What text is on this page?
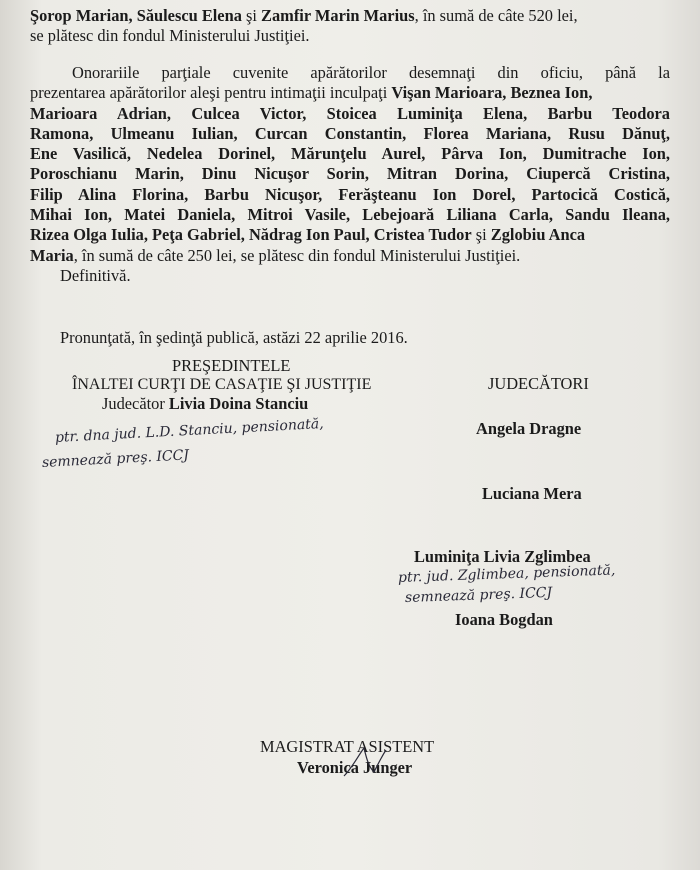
Şorop Marian, Săulescu Elena şi Zamfir Marin Marius, în sumă de câte 520 lei,
se plătesc din fondul Ministerului Justiţiei.
Onorariile parţiale cuvenite apărătorilor desemnaţi din oficiu, până la
prezentarea apărătorilor aleşi pentru intimaţii inculpaţi Vişan Marioara, Beznea Ion,
Marioara Adrian, Culcea Victor, Stoicea Luminiţa Elena, Barbu Teodora
Ramona, Ulmeanu Iulian, Curcan Constantin, Florea Mariana, Rusu Dănuţ,
Ene Vasilică, Nedelea Dorinel, Mărunţelu Aurel, Pârva Ion, Dumitrache Ion,
Poroschianu Marin, Dinu Nicuşor Sorin, Mitran Dorina, Ciupercă Cristina,
Filip Alina Florina, Barbu Nicuşor, Ferăşteanu Ion Dorel, Partocică Costică,
Mihai Ion, Matei Daniela, Mitroi Vasile, Lebejoară Liliana Carla, Sandu Ileana,
Rizea Olga Iulia, Peţa Gabriel, Nădrag Ion Paul, Cristea Tudor şi Zglobiu Anca
Maria, în sumă de câte 250 lei, se plătesc din fondul Ministerului Justiţiei.
Definitivă.
Pronunţată, în şedinţă publică, astăzi 22 aprilie 2016.
PREŞEDINTELE
ÎNALTEI CURŢI DE CASAŢIE ŞI JUSTIŢIE
Judecător Livia Doina Stanciu
ptr. dna jud. L.D. Stanciu, pensionată,
semnează preş. ICCJ
JUDECĂTORI
Angela Dragne
Luciana Mera
Luminiţa Livia Zglimbea
ptr. jud. Zglimbea, pensionată,
semnează preş. ICCJ
Ioana Bogdan
MAGISTRAT ASISTENT
Veronica Junger
